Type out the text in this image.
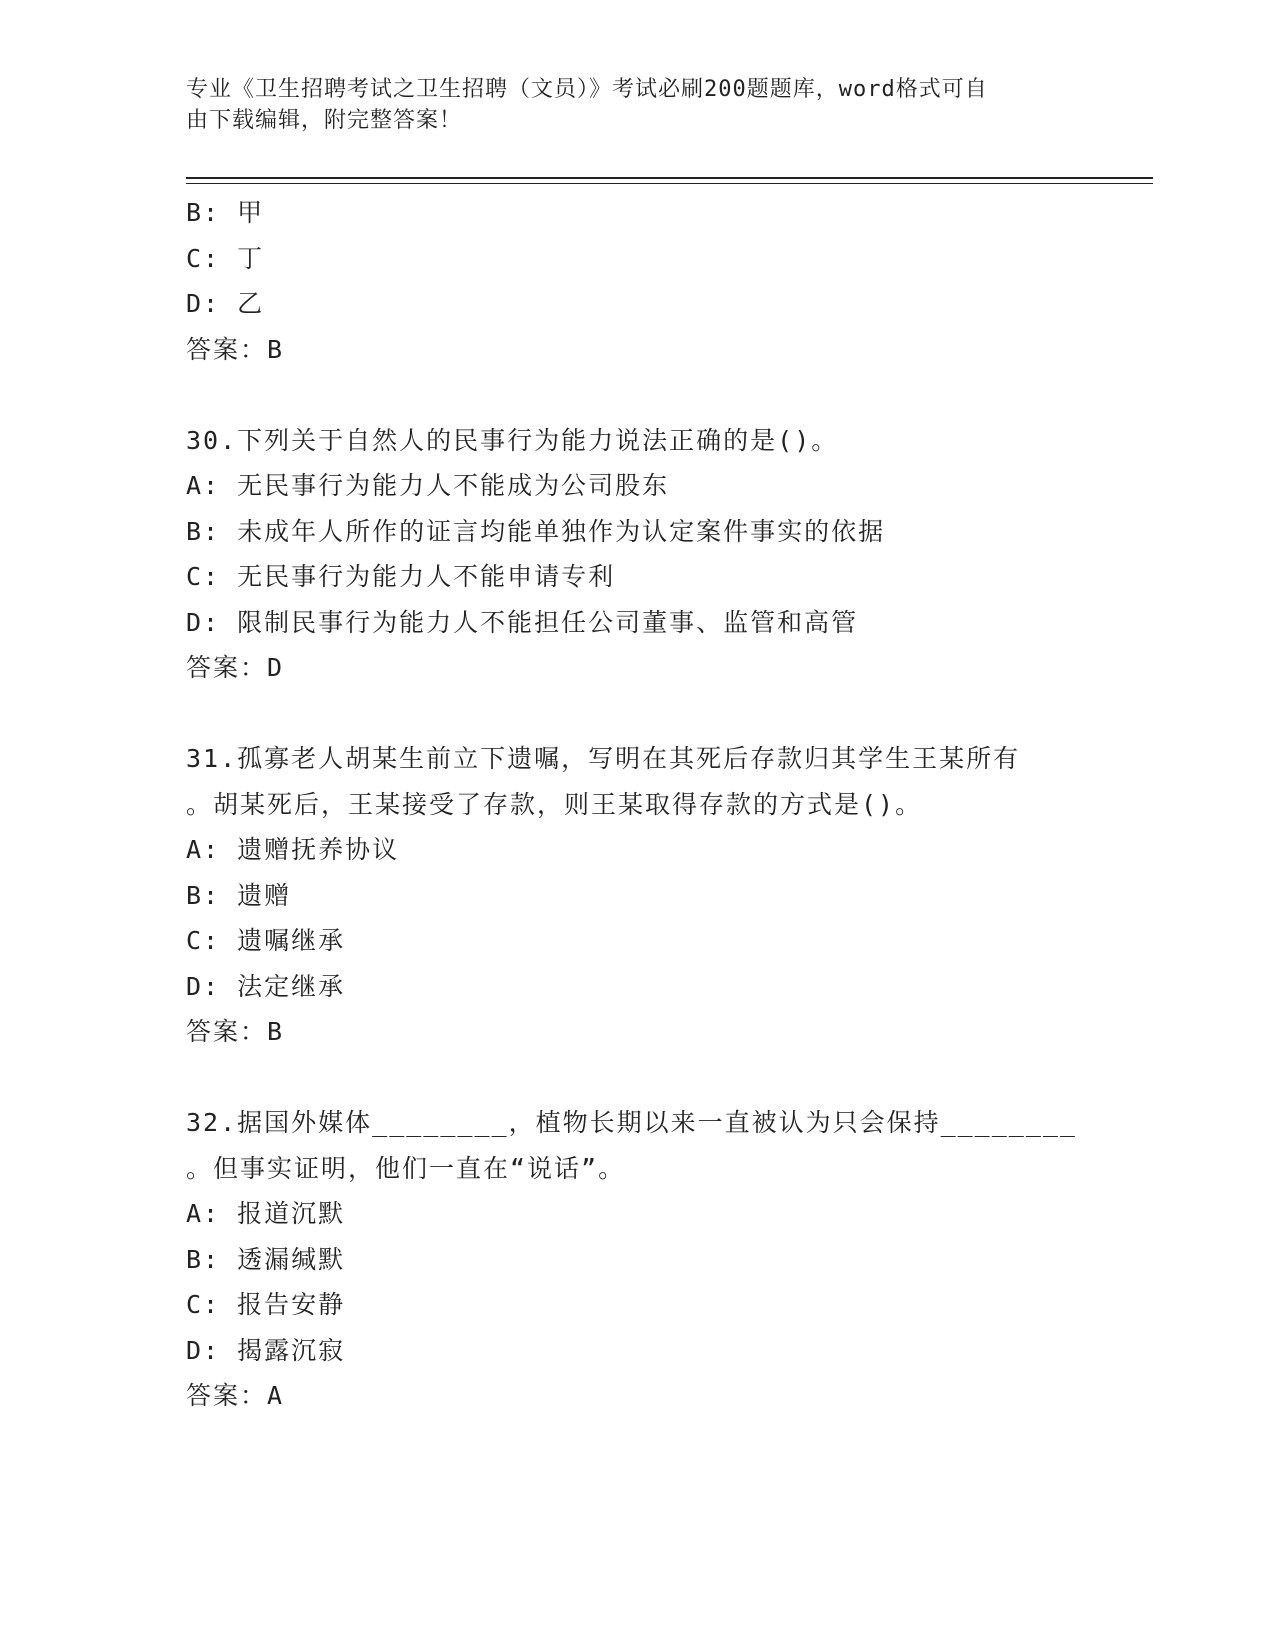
专业《卫生招聘考试之卫生招聘（文员）》考试必刷200题题库，word格式可自
由下载编辑，附完整答案！
B: 甲
C: 丁
D: 乙
答案：B
30.下列关于自然人的民事行为能力说法正确的是()。
A: 无民事行为能力人不能成为公司股东
B: 未成年人所作的证言均能单独作为认定案件事实的依据
C: 无民事行为能力人不能申请专利
D: 限制民事行为能力人不能担任公司董事、监管和高管
答案：D
31.孤寡老人胡某生前立下遗嘱，写明在其死后存款归其学生王某所有
。胡某死后，王某接受了存款，则王某取得存款的方式是()。
A: 遗赠抚养协议
B: 遗赠
C: 遗嘱继承
D: 法定继承
答案：B
32.据国外媒体________，植物长期以来一直被认为只会保持________
。但事实证明，他们一直在“说话”。
A: 报道沉默
B: 透漏缄默
C: 报告安静
D: 揭露沉寂
答案：A
